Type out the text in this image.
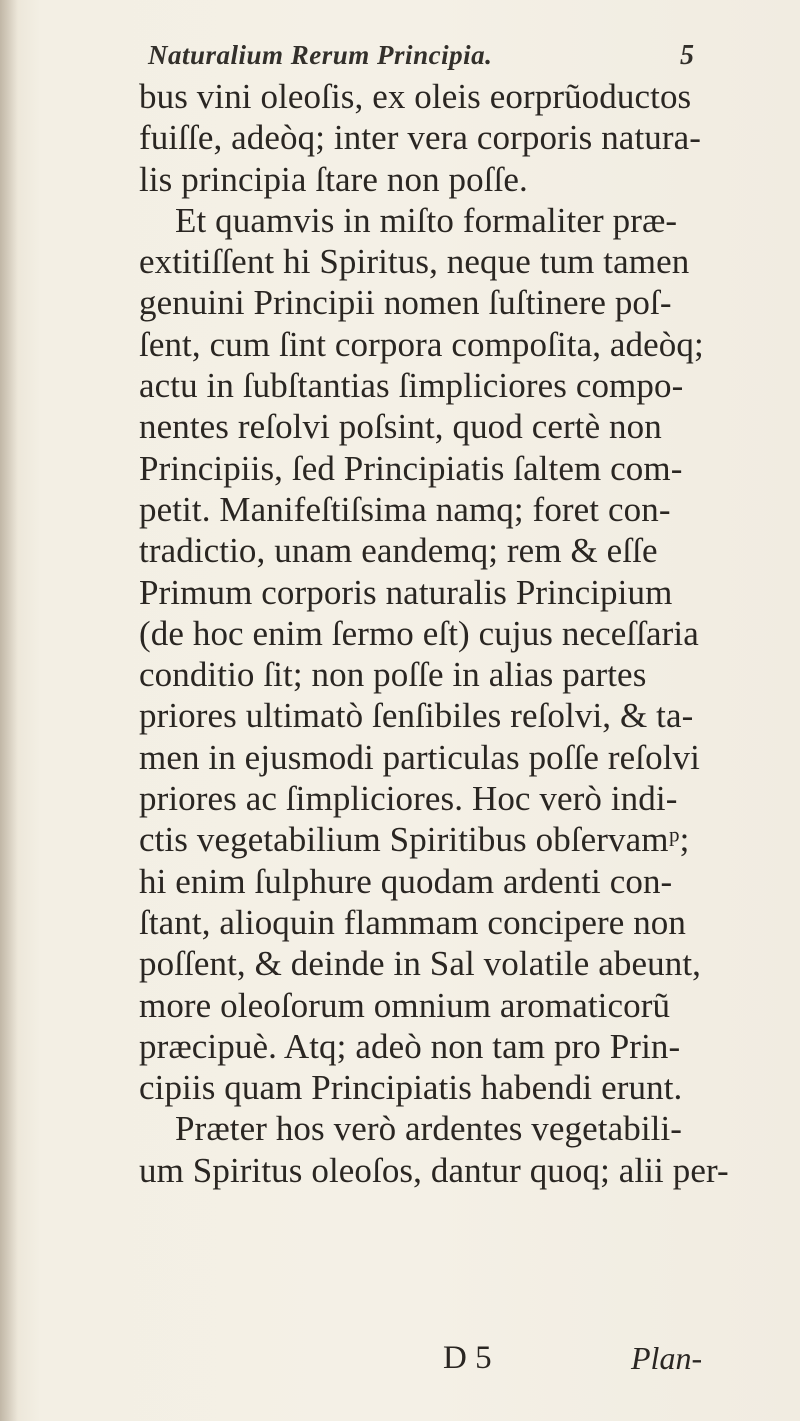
Naturalium Rerum Principia.	5
bus vini oleoſis, ex oleis eorprũoductos
fuiſſe, adeòq; inter vera corporis natura-
lis principia ſtare non poſſe.
Et quamvis in miſto formaliter præ-
extitiſſent hi Spiritus, neque tum tamen
genuini Principii nomen ſuſtinere poſ-
ſent, cum ſint corpora compoſita, adeòq;
actu in ſubſtantias ſimpliciores compo-
nentes reſolvi poſsint, quod certè non
Principiis, ſed Principiatis ſaltem com-
petit. Manifeſtiſsima namq; foret con-
tradictio, unam eandemq; rem & eſſe
Primum corporis naturalis Principium
(de hoc enim ſermo eſt) cujus neceſſaria
conditio ſit; non poſſe in alias partes
priores ultimatò ſenſibiles reſolvi, & ta-
men in ejusmodi particulas poſſe reſolvi
priores ac ſimpliciores. Hoc verò indi-
ctis vegetabilium Spiritibus obſervamᵖ;
hi enim ſulphure quodam ardenti con-
ſtant, alioquin flammam concipere non
poſſent, & deinde in Sal volatile abeunt,
more oleoſorum omnium aromaticorũ
præcipuè. Atq; adeò non tam pro Prin-
cipiis quam Principiatis habendi erunt.
Præter hos verò ardentes vegetabili-
um Spiritus oleoſos, dantur quoq; alii per-
D 5	Plan-
